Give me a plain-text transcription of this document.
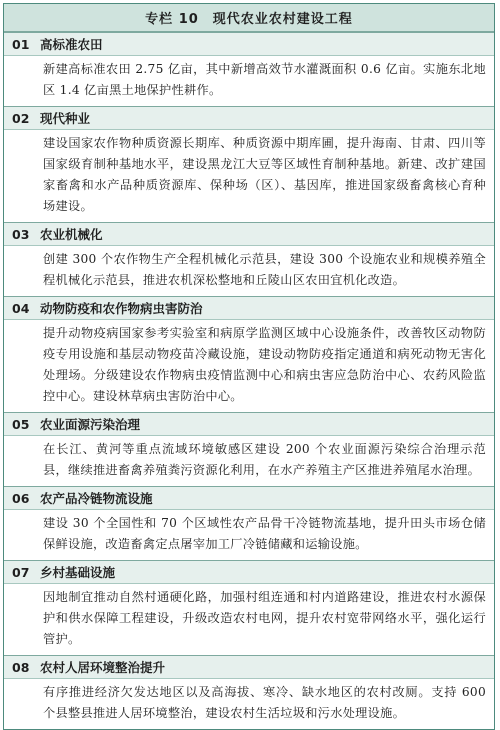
专栏 10 现代农业农村建设工程
01 高标准农田
新建高标准农田 2.75 亿亩，其中新增高效节水灌溉面积 0.6 亿亩。实施东北地区 1.4 亿亩黑土地保护性耕作。
02 现代种业
建设国家农作物种质资源长期库、种质资源中期库圃，提升海南、甘肃、四川等国家级育制种基地水平，建设黑龙江大豆等区域性育制种基地。新建、改扩建国家畜禽和水产品种质资源库、保种场（区）、基因库，推进国家级畜禽核心育种场建设。
03 农业机械化
创建 300 个农作物生产全程机械化示范县，建设 300 个设施农业和规模养殖全程机械化示范县，推进农机深松整地和丘陵山区农田宜机化改造。
04 动物防疫和农作物病虫害防治
提升动物疫病国家参考实验室和病原学监测区域中心设施条件，改善牧区动物防疫专用设施和基层动物疫苗冷藏设施，建设动物防疫指定通道和病死动物无害化处理场。分级建设农作物病虫疫情监测中心和病虫害应急防治中心、农药风险监控中心。建设林草病虫害防治中心。
05 农业面源污染治理
在长江、黄河等重点流域环境敏感区建设 200 个农业面源污染综合治理示范县，继续推进畜禽养殖粪污资源化利用，在水产养殖主产区推进养殖尾水治理。
06 农产品冷链物流设施
建设 30 个全国性和 70 个区域性农产品骨干冷链物流基地，提升田头市场仓储保鲜设施，改造畜禽定点屠宰加工厂冷链储藏和运输设施。
07 乡村基础设施
因地制宜推动自然村通硬化路，加强村组连通和村内道路建设，推进农村水源保护和供水保障工程建设，升级改造农村电网，提升农村宽带网络水平，强化运行管护。
08 农村人居环境整治提升
有序推进经济欠发达地区以及高海拔、寒冷、缺水地区的农村改厕。支持 600 个县整县推进人居环境整治，建设农村生活垃圾和污水处理设施。
